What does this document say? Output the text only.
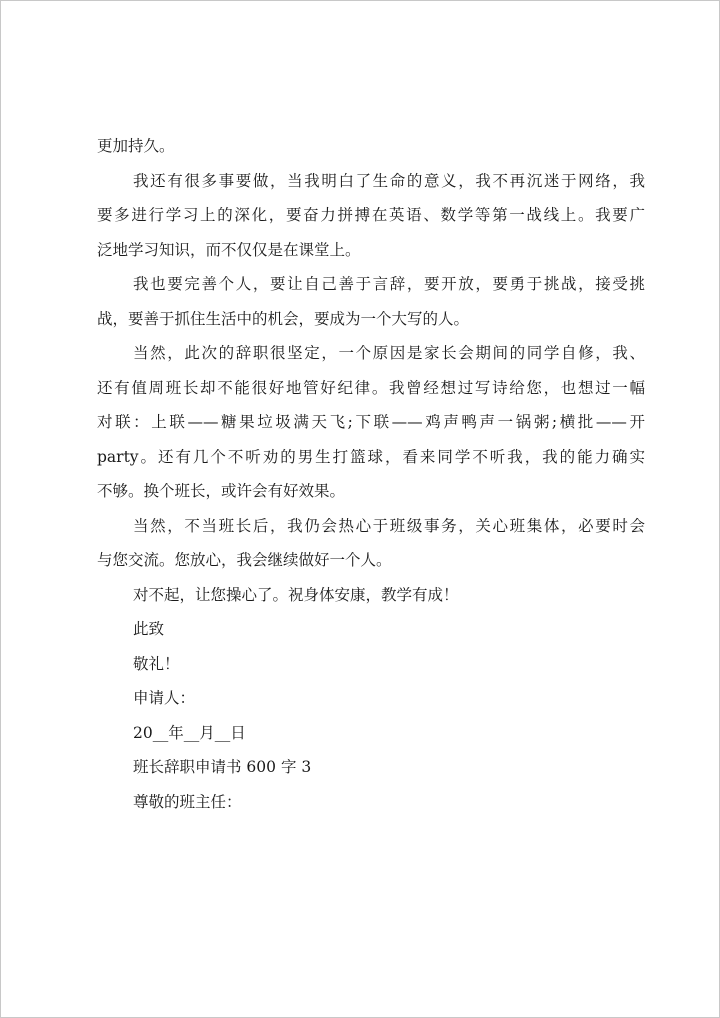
更加持久。
我还有很多事要做，当我明白了生命的意义，我不再沉迷于网络，我
要多进行学习上的深化，要奋力拼搏在英语、数学等第一战线上。我要广
泛地学习知识，而不仅仅是在课堂上。
我也要完善个人，要让自己善于言辞，要开放，要勇于挑战，接受挑
战，要善于抓住生活中的机会，要成为一个大写的人。
当然，此次的辞职很坚定，一个原因是家长会期间的同学自修，我、
还有值周班长却不能很好地管好纪律。我曾经想过写诗给您，也想过一幅
对联：上联——糖果垃圾满天飞;下联——鸡声鸭声一锅粥;横批——开
party。还有几个不听劝的男生打篮球，看来同学不听我，我的能力确实
不够。换个班长，或许会有好效果。
当然，不当班长后，我仍会热心于班级事务，关心班集体，必要时会
与您交流。您放心，我会继续做好一个人。
对不起，让您操心了。祝身体安康，教学有成！
此致
敬礼！
申请人：
20__年__月__日
班长辞职申请书 600 字 3
尊敬的班主任：
